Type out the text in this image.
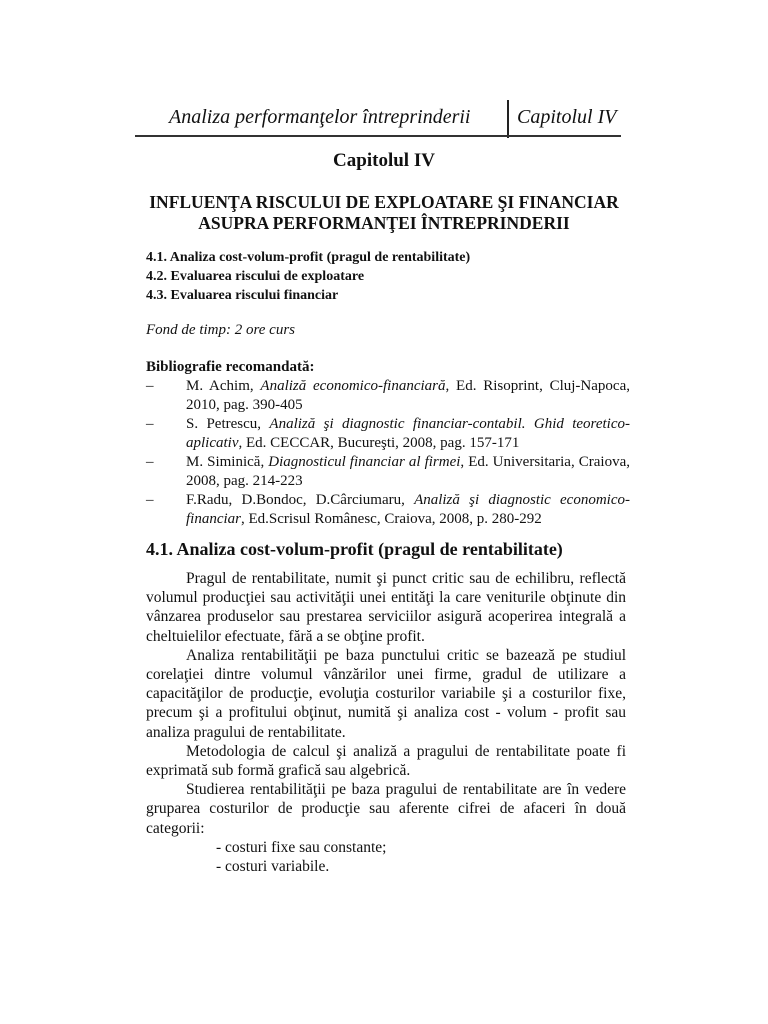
Analiza performanţelor întreprinderii Capitolul IV
Capitolul IV
INFLUENŢA RISCULUI DE EXPLOATARE ŞI FINANCIAR
ASUPRA PERFORMANŢEI ÎNTREPRINDERII
4.1. Analiza cost-volum-profit (pragul de rentabilitate)
4.2. Evaluarea riscului de exploatare
4.3. Evaluarea riscului financiar
Fond de timp: 2 ore curs
Bibliografie recomandată:
– M. Achim, Analiză economico-financiară, Ed. Risoprint, Cluj-Napoca, 2010, pag. 390-405
– S. Petrescu, Analiză şi diagnostic financiar-contabil. Ghid teoretico-aplicativ, Ed. CECCAR, Bucureşti, 2008, pag. 157-171
– M. Siminică, Diagnosticul financiar al firmei, Ed. Universitaria, Craiova, 2008, pag. 214-223
– F.Radu, D.Bondoc, D.Cârciumaru, Analiză şi diagnostic economico-financiar, Ed.Scrisul Românesc, Craiova, 2008, p. 280-292
4.1. Analiza cost-volum-profit (pragul de rentabilitate)

Pragul de rentabilitate, numit şi punct critic sau de echilibru, reflectă volumul producţiei sau activităţii unei entităţi la care veniturile obţinute din vânzarea produselor sau prestarea serviciilor asigură acoperirea integrală a cheltuielilor efectuate, fără a se obţine profit.

Analiza rentabilităţii pe baza punctului critic se bazează pe studiul corelaţiei dintre volumul vânzărilor unei firme, gradul de utilizare a capacităţilor de producţie, evoluţia costurilor variabile şi a costurilor fixe, precum şi a profitului obţinut, numită şi analiza cost - volum - profit sau analiza pragului de rentabilitate.

Metodologia de calcul şi analiză a pragului de rentabilitate poate fi exprimată sub formă grafică sau algebrică.

Studierea rentabilităţii pe baza pragului de rentabilitate are în vedere gruparea costurilor de producţie sau aferente cifrei de afaceri în două categorii:

- costuri fixe sau constante;
- costuri variabile.
